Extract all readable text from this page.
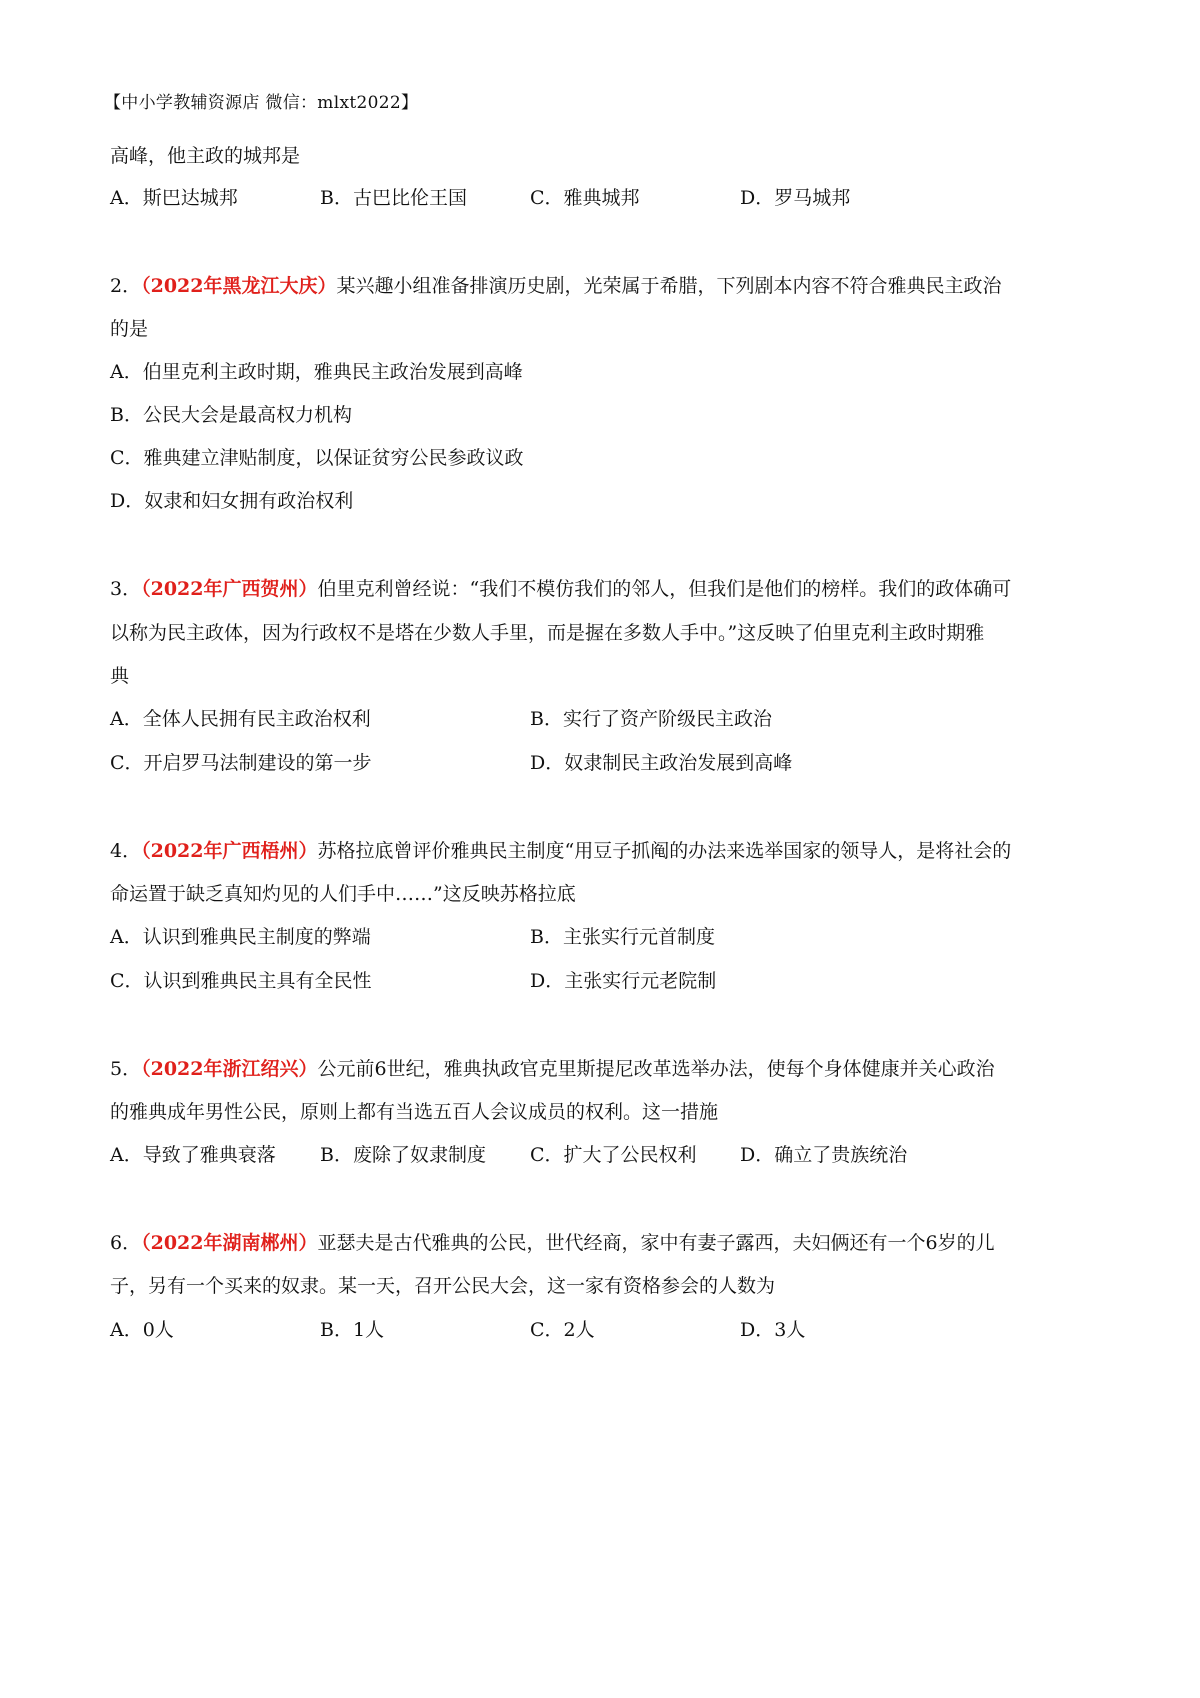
【中小学教辅资源店 微信：mlxt2022】
高峰，他主政的城邦是
A．斯巴达城邦	B．古巴比伦王国	C．雅典城邦	D．罗马城邦
2．（2022年黑龙江大庆）某兴趣小组准备排演历史剧，光荣属于希腊，下列剧本内容不符合雅典民主政治
的是
A．伯里克利主政时期，雅典民主政治发展到高峰
B．公民大会是最高权力机构
C．雅典建立津贴制度，以保证贫穷公民参政议政
D．奴隶和妇女拥有政治权利
3．（2022年广西贺州）伯里克利曾经说：“我们不模仿我们的邻人，但我们是他们的榜样。我们的政体确可
以称为民主政体，因为行政权不是塔在少数人手里，而是握在多数人手中。”这反映了伯里克利主政时期雅
典
A．全体人民拥有民主政治权利	B．实行了资产阶级民主政治
C．开启罗马法制建设的第一步	D．奴隶制民主政治发展到高峰
4．（2022年广西梧州）苏格拉底曾评价雅典民主制度“用豆子抓阄的办法来选举国家的领导人，是将社会的
命运置于缺乏真知灼见的人们手中……”这反映苏格拉底
A．认识到雅典民主制度的弊端	B．主张实行元首制度
C．认识到雅典民主具有全民性	D．主张实行元老院制
5．（2022年浙江绍兴）公元前6世纪，雅典执政官克里斯提尼改革选举办法，使每个身体健康并关心政治
的雅典成年男性公民，原则上都有当选五百人会议成员的权利。这一措施
A．导致了雅典衰落 B．废除了奴隶制度 C．扩大了公民权利 D．确立了贵族统治
6．（2022年湖南郴州）亚瑟夫是古代雅典的公民，世代经商，家中有妻子露西，夫妇俩还有一个6岁的儿
子，另有一个买来的奴隶。某一天，召开公民大会，这一家有资格参会的人数为
A．0人	B．1人	C．2人	D．3人
